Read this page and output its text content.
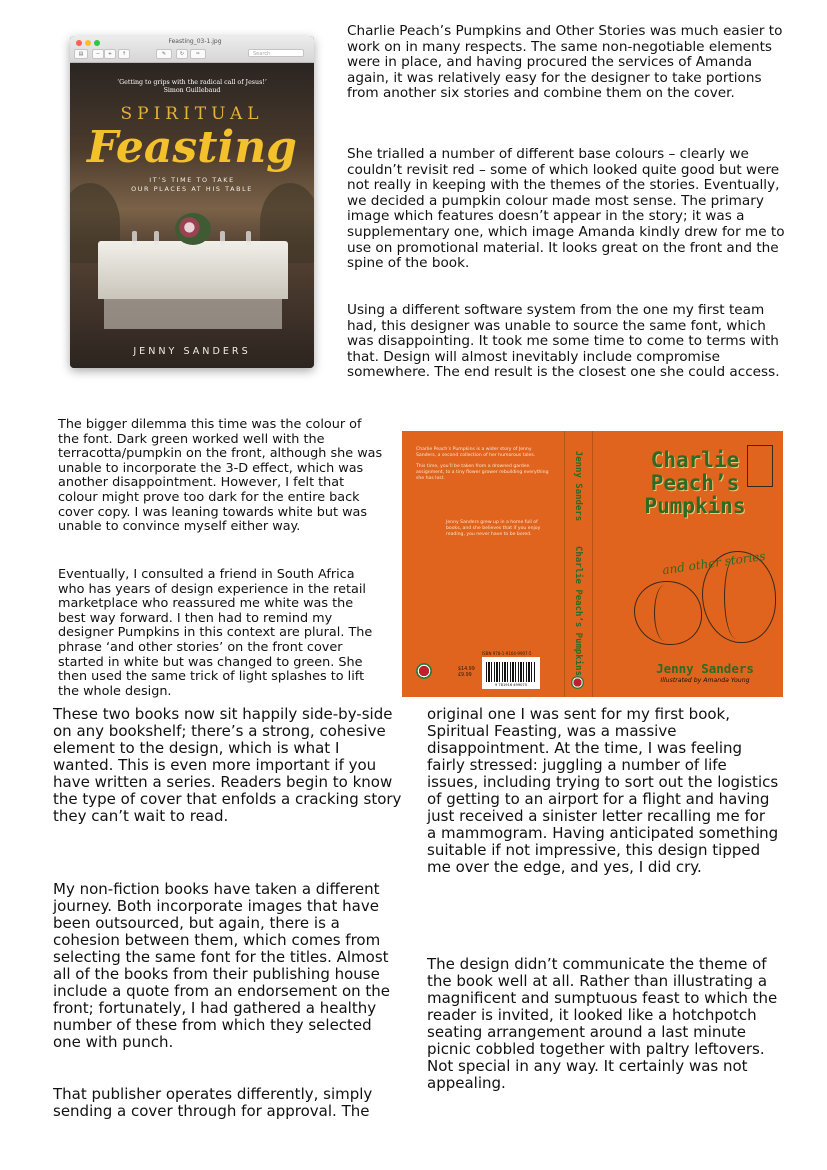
Charlie Peach’s Pumpkins and Other Stories was much easier to work on in many respects. The same non-negotiable elements were in place, and having procured the services of Amanda again, it was relatively easy for the designer to take portions from another six stories and combine them on the cover.

She trialled a number of different base colours – clearly we couldn’t revisit red – some of which looked quite good but were not really in keeping with the themes of the stories. Eventually, we decided a pumpkin colour made most sense. The primary image which features doesn’t appear in the story; it was a supplementary one, which image Amanda kindly drew for me to use on promotional material. It looks great on the front and the spine of the book.

Using a different software system from the one my first team had, this designer was unable to source the same font, which was disappointing. It took me some time to come to terms with that. Design will almost inevitably include compromise somewhere. The end result is the closest one she could access.

Feasting_03-1.jpg
▤	−	+	↑	✎	↻	✑	Search
‘Getting to grips with the radical call of Jesus!’
Simon Guillebaud
SPIRITUAL
Feasting
IT’S TIME TO TAKE
OUR PLACES AT HIS TABLE
JENNY SANDERS

The bigger dilemma this time was the colour of the font. Dark green worked well with the terracotta/pumpkin on the front, although she was unable to incorporate the 3-D effect, which was another disappointment. However, I felt that colour might prove too dark for the entire back cover copy. I was leaning towards white but was unable to convince myself either way.

Eventually, I consulted a friend in South Africa who has years of design experience in the retail marketplace who reassured me white was the best way forward. I then had to remind my designer Pumpkins in this context are plural. The phrase ‘and other stories’ on the front cover started in white but was changed to green. She then used the same trick of light splashes to lift the whole design.

Charlie Peach’s Pumpkins is a wider story of Jenny Sanders, a second collection of her humorous tales.

This time, you’ll be taken from a drowned garden assignment, to a tiny flower grower rebuilding everything she has lost.

Jenny Sanders grew up in a home full of books, and she believes that if you enjoy reading, you never have to be bored.

$14.99
£9.99
ISBN 978-1-9164-9907-5
9 781916 499075
Jenny Sanders
Charlie Peach’s Pumpkins
Charlie
Peach’s
Pumpkins
and other stories
Jenny Sanders
Illustrated by Amanda Young

These two books now sit happily side-by-side on any bookshelf; there’s a strong, cohesive element to the design, which is what I wanted. This is even more important if you have written a series. Readers begin to know the type of cover that enfolds a cracking story they can’t wait to read.

My non-fiction books have taken a different journey. Both incorporate images that have been outsourced, but again, there is a cohesion between them, which comes from selecting the same font for the titles. Almost all of the books from their publishing house include a quote from an endorsement on the front; fortunately, I had gathered a healthy number of these from which they selected one with punch.

That publisher operates differently, simply sending a cover through for approval. The

original one I was sent for my first book, Spiritual Feasting, was a massive disappointment. At the time, I was feeling fairly stressed: juggling a number of life issues, including trying to sort out the logistics of getting to an airport for a flight and having just received a sinister letter recalling me for a mammogram. Having anticipated something suitable if not impressive, this design tipped me over the edge, and yes, I did cry.

The design didn’t communicate the theme of the book well at all. Rather than illustrating a magnificent and sumptuous feast to which the reader is invited, it looked like a hotchpotch seating arrangement around a last minute picnic cobbled together with paltry leftovers. Not special in any way. It certainly was not appealing.
